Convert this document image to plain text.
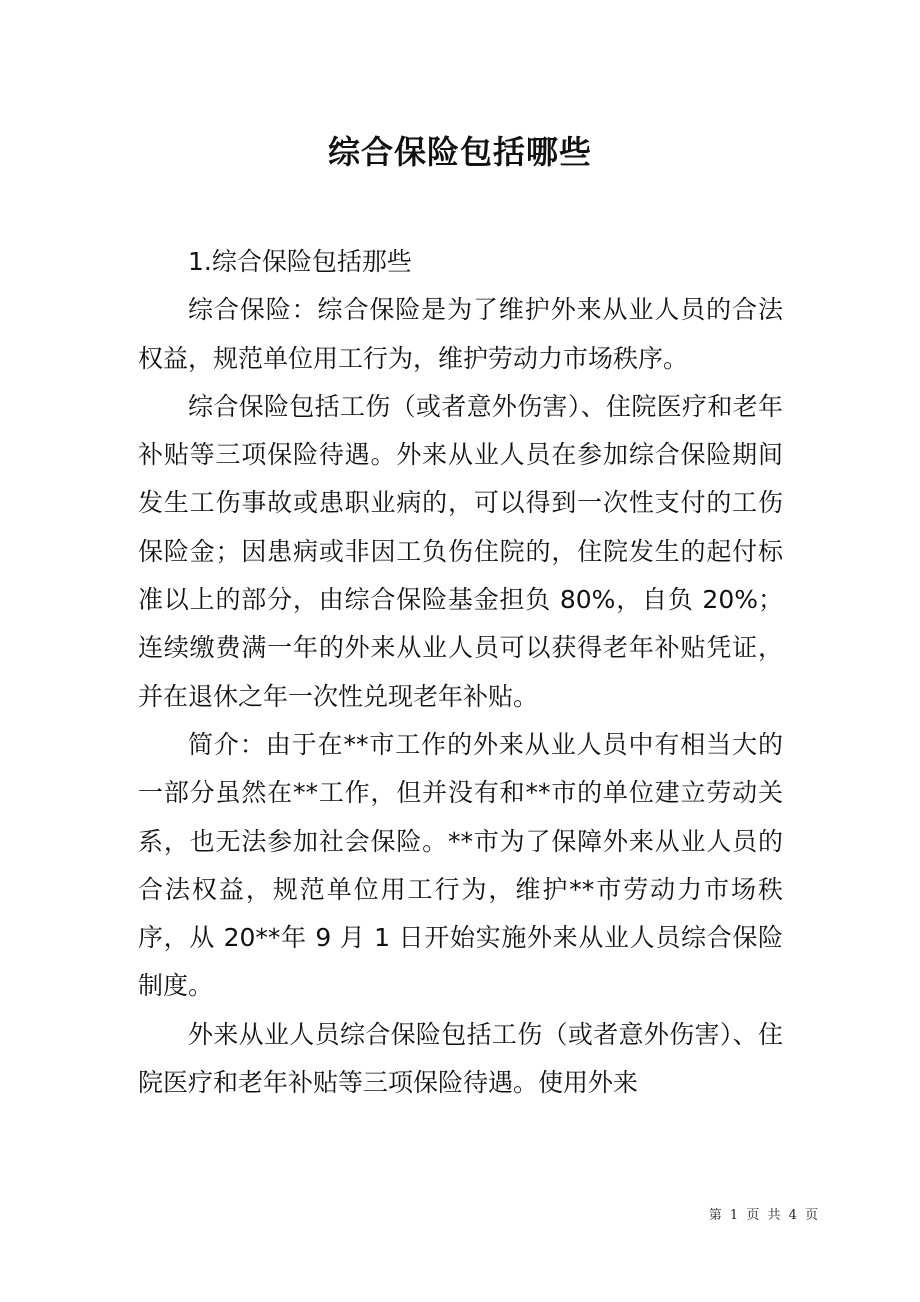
综合保险包括哪些

1.综合保险包括那些

综合保险：综合保险是为了维护外来从业人员的合法权益，规范单位用工行为，维护劳动力市场秩序。

综合保险包括工伤（或者意外伤害）、住院医疗和老年补贴等三项保险待遇。外来从业人员在参加综合保险期间发生工伤事故或患职业病的，可以得到一次性支付的工伤保险金；因患病或非因工负伤住院的，住院发生的起付标准以上的部分，由综合保险基金担负 80%，自负 20%；连续缴费满一年的外来从业人员可以获得老年补贴凭证，并在退休之年一次性兑现老年补贴。

简介：由于在**市工作的外来从业人员中有相当大的一部分虽然在**工作，但并没有和**市的单位建立劳动关系，也无法参加社会保险。**市为了保障外来从业人员的合法权益，规范单位用工行为，维护**市劳动力市场秩序，从 20**年 9 月 1 日开始实施外来从业人员综合保险制度。

外来从业人员综合保险包括工伤（或者意外伤害）、住院医疗和老年补贴等三项保险待遇。使用外来

第 1 页 共 4 页
